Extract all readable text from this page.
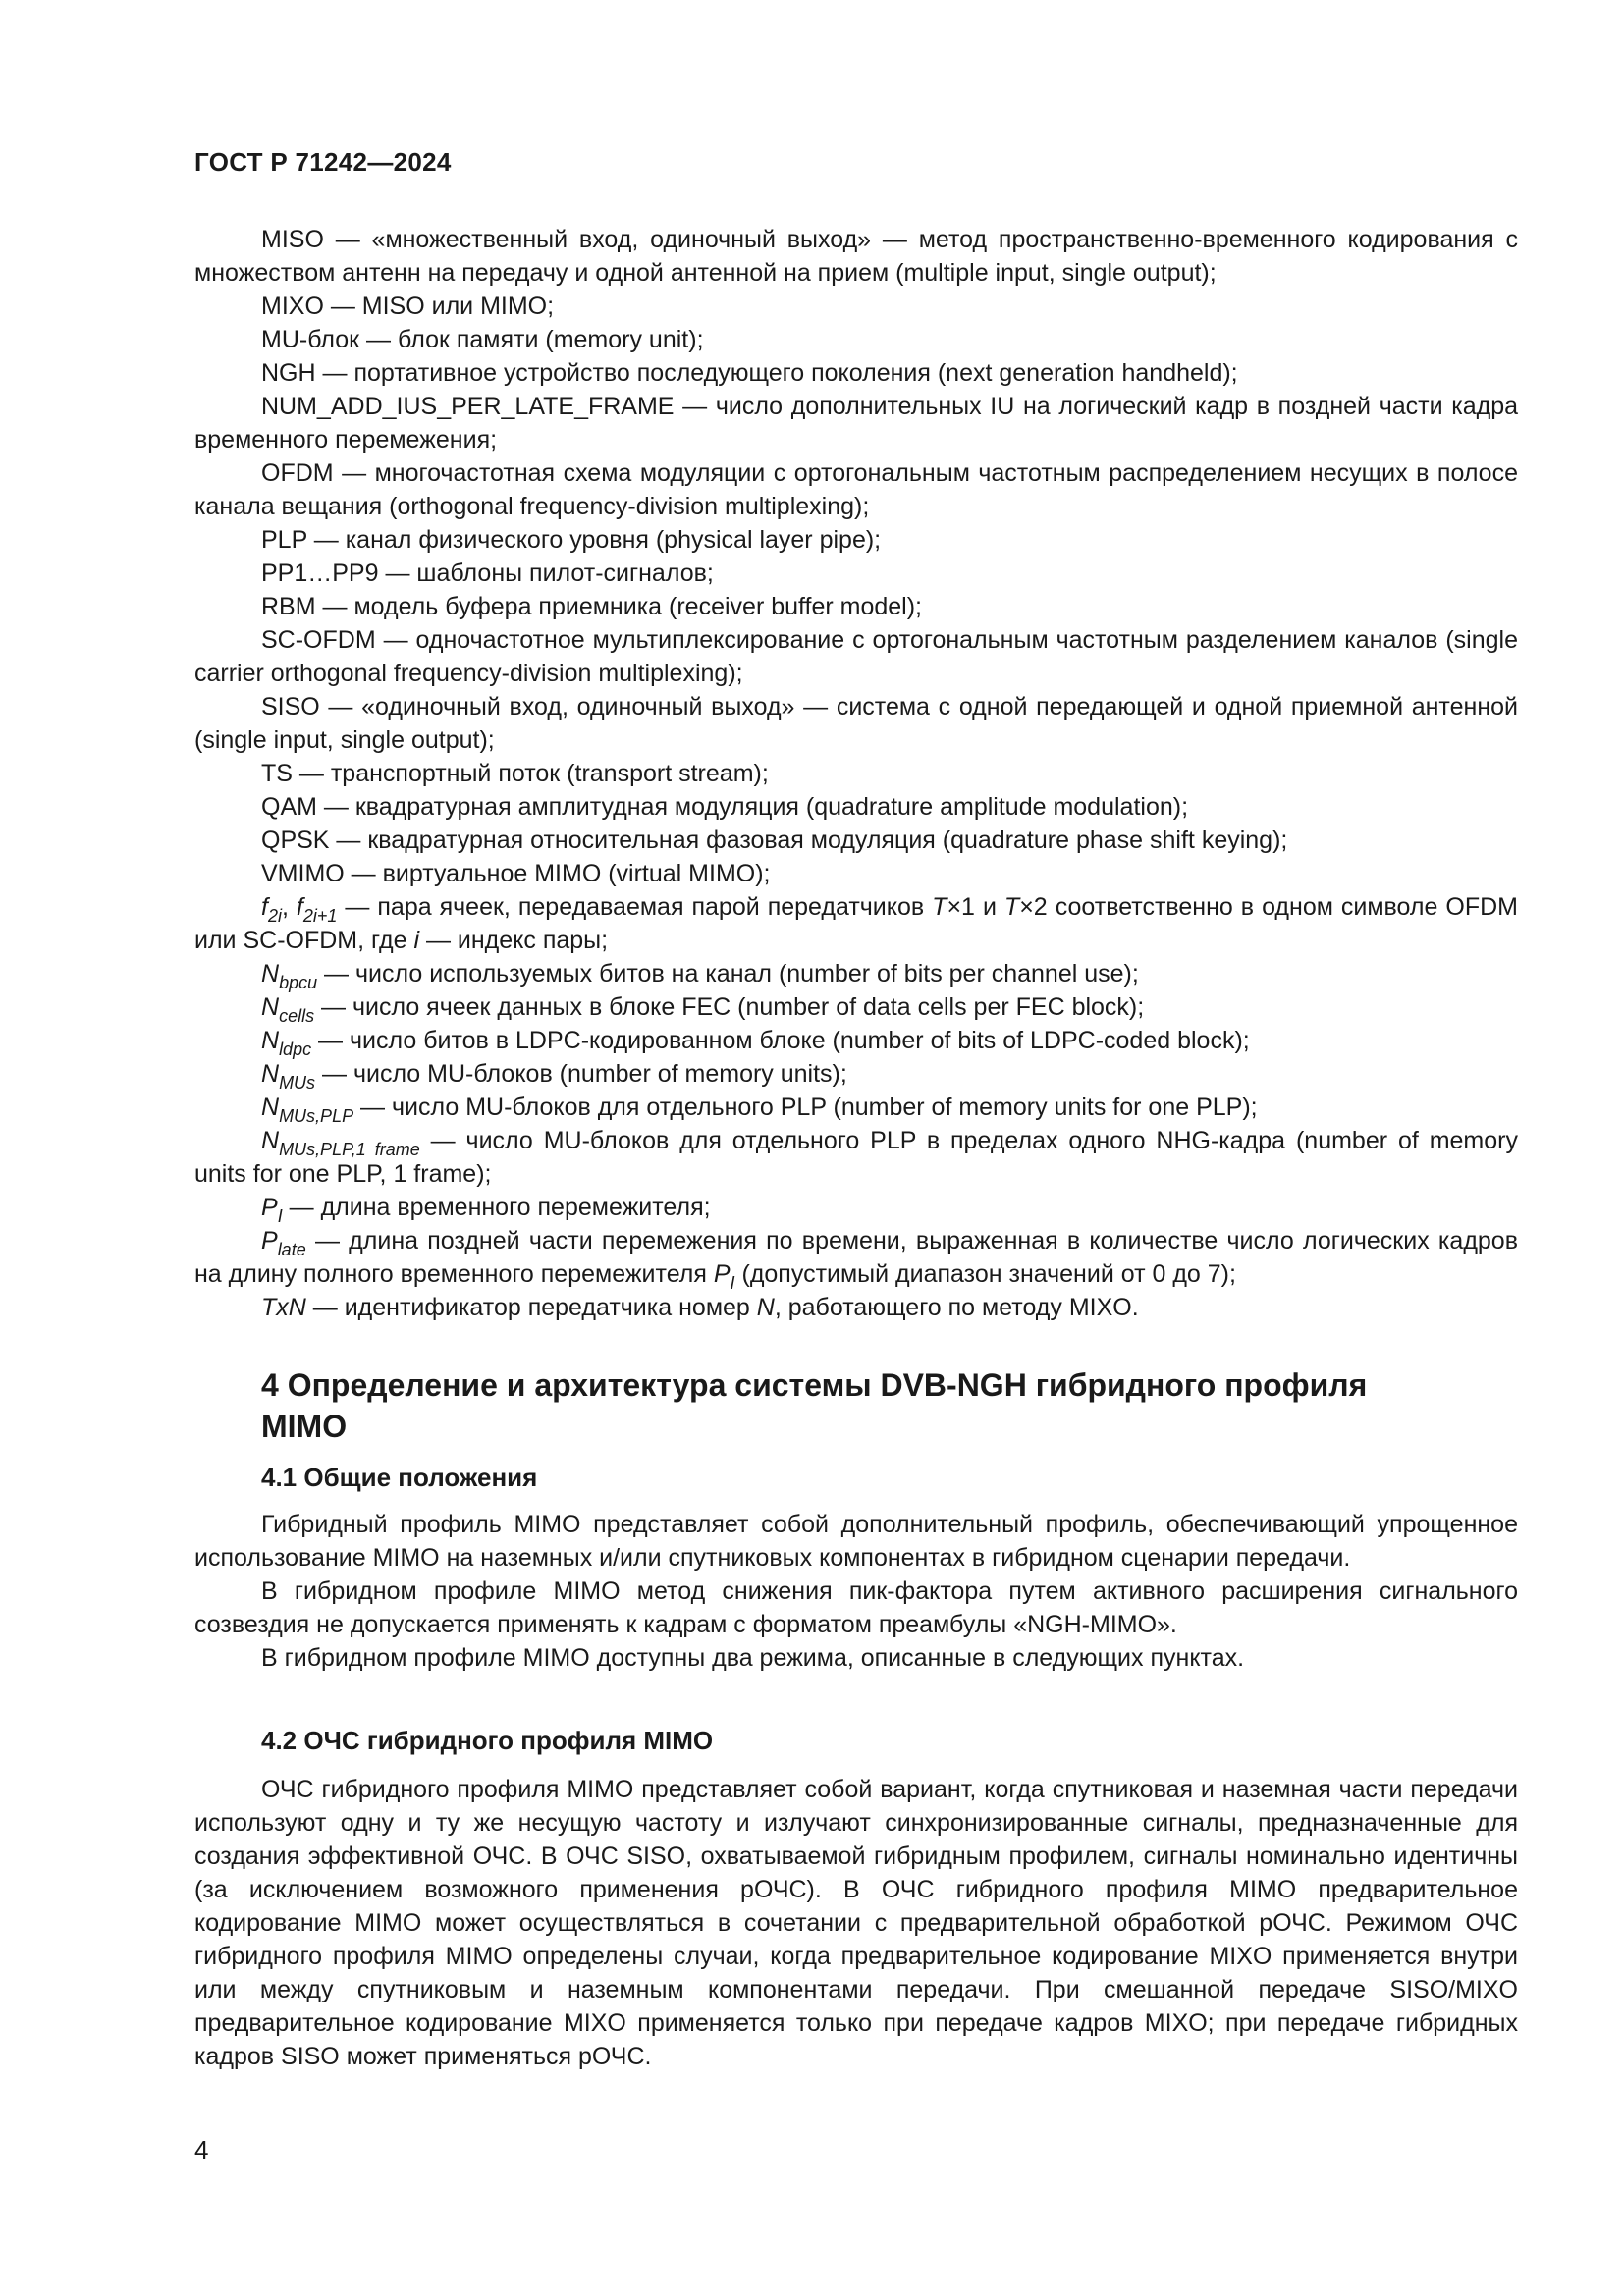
ГОСТ Р 71242—2024

MISO — «множественный вход, одиночный выход» — метод пространственно-временного кодирования с множеством антенн на передачу и одной антенной на прием (multiple input, single output);

MIXO — MISO или MIMO;

MU-блок — блок памяти (memory unit);

NGH — портативное устройство последующего поколения (next generation handheld);

NUM_ADD_IUS_PER_LATE_FRAME — число дополнительных IU на логический кадр в поздней части кадра временного перемежения;

OFDM — многочастотная схема модуляции с ортогональным частотным распределением несущих в полосе канала вещания (orthogonal frequency-division multiplexing);

PLP — канал физического уровня (physical layer pipe);

PP1…PP9 — шаблоны пилот-сигналов;

RBM — модель буфера приемника (receiver buffer model);

SC-OFDM — одночастотное мультиплексирование с ортогональным частотным разделением каналов (single carrier orthogonal frequency-division multiplexing);

SISO — «одиночный вход, одиночный выход» — система с одной передающей и одной приемной антенной (single input, single output);

TS — транспортный поток (transport stream);

QAM — квадратурная амплитудная модуляция (quadrature amplitude modulation);

QPSK — квадратурная относительная фазовая модуляция (quadrature phase shift keying);

VMIMO — виртуальное MIMO (virtual MIMO);

$f_{2i}$, $f_{2i+1}$ — пара ячеек, передаваемая парой передатчиков T×1 и T×2 соответственно в одном символе OFDM или SC-OFDM, где i — индекс пары;

$N_{bpcu}$ — число используемых битов на канал (number of bits per channel use);

$N_{cells}$ — число ячеек данных в блоке FEC (number of data cells per FEC block);

$N_{ldpc}$ — число битов в LDPC-кодированном блоке (number of bits of LDPC-coded block);

$N_{MUs}$ — число MU-блоков (number of memory units);

$N_{MUs,PLP}$ — число MU-блоков для отдельного PLP (number of memory units for one PLP);

$N_{MUs,PLP,1 frame}$ — число MU-блоков для отдельного PLP в пределах одного NHG-кадра (number of memory units for one PLP, 1 frame);

$P_I$ — длина временного перемежителя;

$P_{late}$ — длина поздней части перемежения по времени, выраженная в количестве число логических кадров на длину полного временного перемежителя $P_I$ (допустимый диапазон значений от 0 до 7);

TxN — идентификатор передатчика номер N, работающего по методу MIXO.

4 Определение и архитектура системы DVB-NGH гибридного профиля MIMO
4.1 Общие положения

Гибридный профиль MIMO представляет собой дополнительный профиль, обеспечивающий упрощенное использование MIMO на наземных и/или спутниковых компонентах в гибридном сценарии передачи.

В гибридном профиле MIMO метод снижения пик-фактора путем активного расширения сигнального созвездия не допускается применять к кадрам с форматом преамбулы «NGH-MIMO».

В гибридном профиле MIMO доступны два режима, описанные в следующих пунктах.

4.2 ОЧС гибридного профиля MIMO

ОЧС гибридного профиля MIMO представляет собой вариант, когда спутниковая и наземная части передачи используют одну и ту же несущую частоту и излучают синхронизированные сигналы, предназначенные для создания эффективной ОЧС. В ОЧС SISO, охватываемой гибридным профилем, сигналы номинально идентичны (за исключением возможного применения рОЧС). В ОЧС гибридного профиля MIMO предварительное кодирование MIMO может осуществляться в сочетании с предварительной обработкой рОЧС. Режимом ОЧС гибридного профиля MIMO определены случаи, когда предварительное кодирование MIXO применяется внутри или между спутниковым и наземным компонентами передачи. При смешанной передаче SISO/MIXO предварительное кодирование MIXO применяется только при передаче кадров MIXO; при передаче гибридных кадров SISO может применяться рОЧС.

4
